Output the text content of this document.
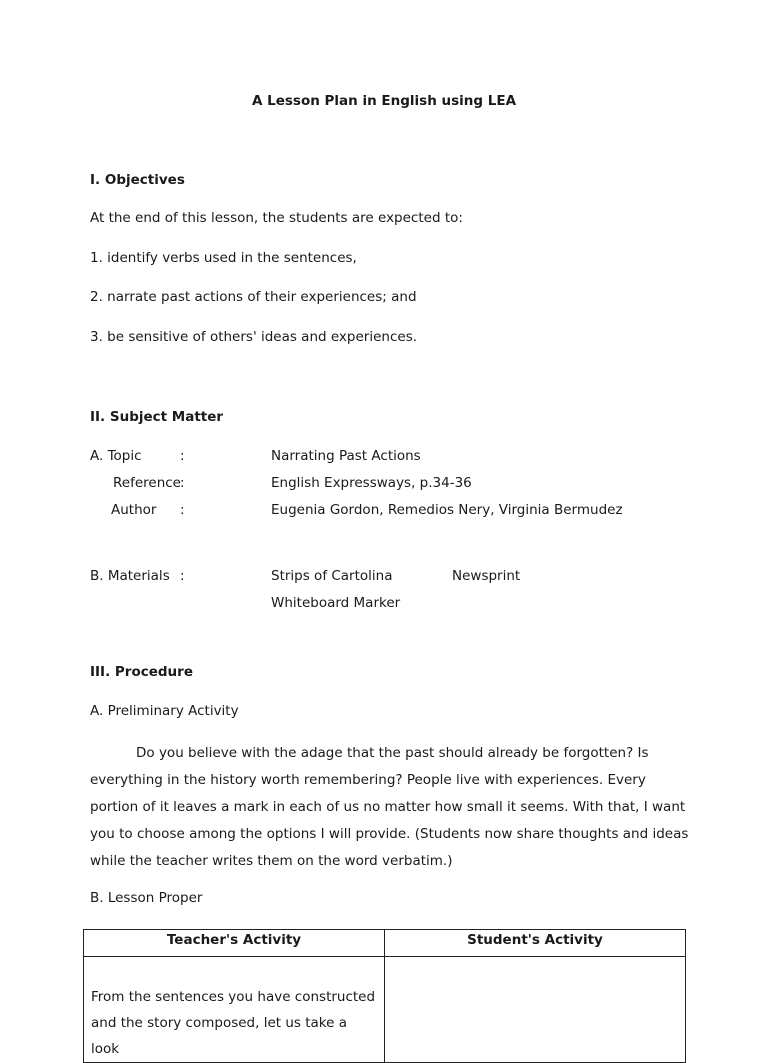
A Lesson Plan in English using LEA
I. Objectives
At the end of this lesson, the students are expected to:
1. identify verbs used in the sentences,
2. narrate past actions of their experiences; and
3. be sensitive of others' ideas and experiences.
II. Subject Matter
A. Topic	:	Narrating Past Actions
Reference :	English Expressways, p.34-36
Author :	Eugenia Gordon, Remedios Nery, Virginia Bermudez
B. Materials :	Strips of Cartolina	Newsprint
Whiteboard Marker
III. Procedure
A. Preliminary Activity
Do you believe with the adage that the past should already be forgotten? Is everything in the history worth remembering? People live with experiences. Every portion of it leaves a mark in each of us no matter how small it seems. With that, I want you to choose among the options I will provide. (Students now share thoughts and ideas while the teacher writes them on the word verbatim.)
B. Lesson Proper
Teacher's Activity	Student's Activity

From the sentences you have constructed and the story composed, let us take a look	
